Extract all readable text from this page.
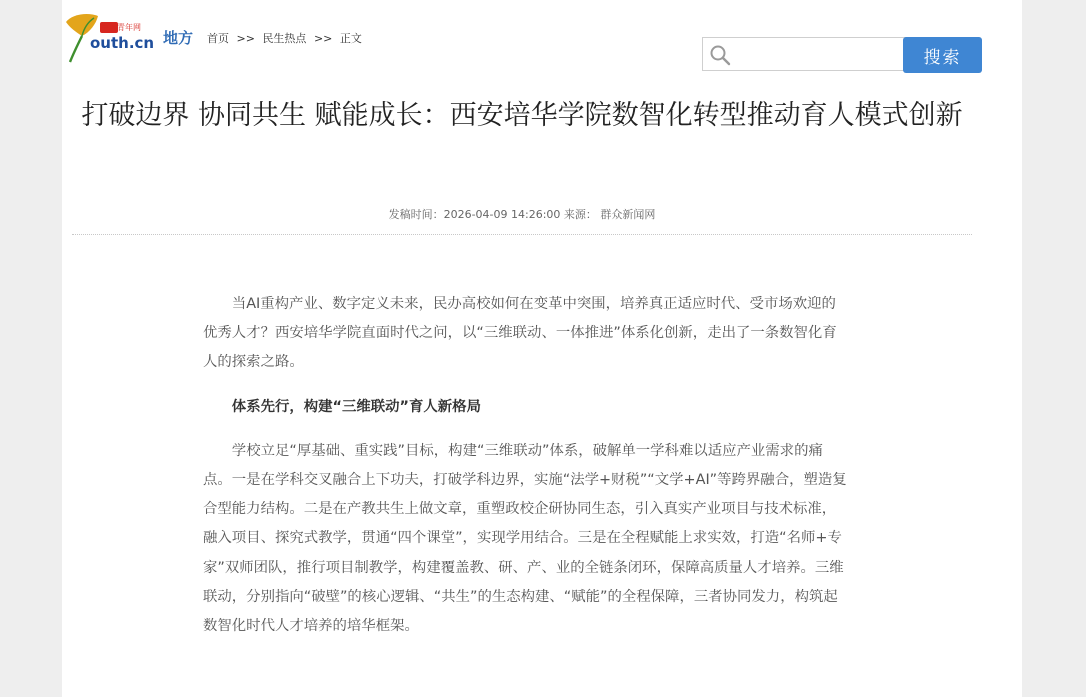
中国青年网
outh.cn 地方 首页 >> 民生热点 >> 正文
搜索
打破边界 协同共生 赋能成长：西安培华学院数智化转型推动育人模式创新
发稿时间：2026-04-09 14:26:00 来源： 群众新闻网

当AI重构产业、数字定义未来，民办高校如何在变革中突围，培养真正适应时代、受市场欢迎的优秀人才？西安培华学院直面时代之问，以“三维联动、一体推进”体系化创新，走出了一条数智化育人的探索之路。

体系先行，构建“三维联动”育人新格局

学校立足“厚基础、重实践”目标，构建“三维联动”体系，破解单一学科难以适应产业需求的痛点。一是在学科交叉融合上下功夫，打破学科边界，实施“法学+财税”“文学+AI”等跨界融合，塑造复合型能力结构。二是在产教共生上做文章，重塑政校企研协同生态，引入真实产业项目与技术标准，融入项目、探究式教学，贯通“四个课堂”，实现学用结合。三是在全程赋能上求实效，打造“名师+专家”双师团队，推行项目制教学，构建覆盖教、研、产、业的全链条闭环，保障高质量人才培养。三维联动，分别指向“破壁”的核心逻辑、“共生”的生态构建、“赋能”的全程保障，三者协同发力，构筑起数智化时代人才培养的培华框架。
